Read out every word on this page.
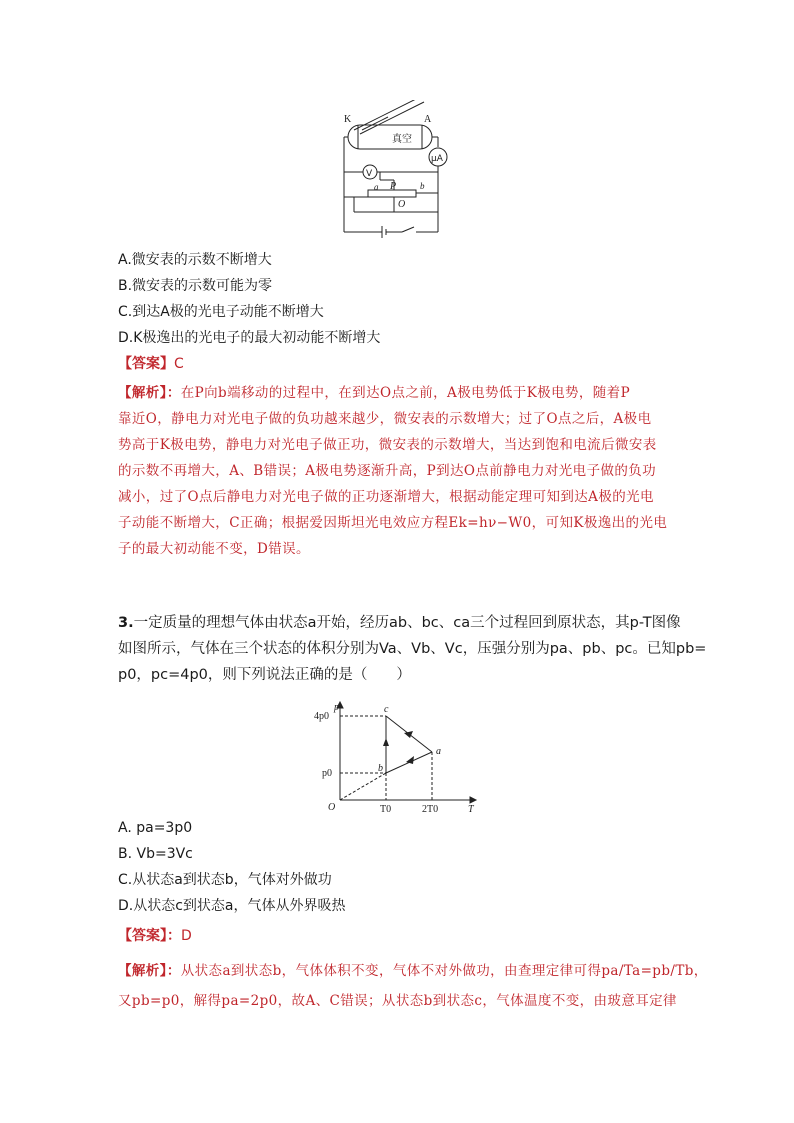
K	A
真空
μA
V
a P	b
O
A.微安表的示数不断增大
B.微安表的示数可能为零
C.到达A极的光电子动能不断增大
D.K极逸出的光电子的最大初动能不断增大
【答案】C
【解析】：在P向b端移动的过程中，在到达O点之前，A极电势低于K极电势，随着P
靠近O，静电力对光电子做的负功越来越少，微安表的示数增大；过了O点之后，A极电
势高于K极电势，静电力对光电子做正功，微安表的示数增大，当达到饱和电流后微安表
的示数不再增大，A、B错误；A极电势逐渐升高，P到达O点前静电力对光电子做的负功
减小，过了O点后静电力对光电子做的正功逐渐增大，根据动能定理可知到达A极的光电
子动能不断增大，C正确；根据爱因斯坦光电效应方程Ek=hν−W0，可知K极逸出的光电
子的最大初动能不变，D错误。
3.一定质量的理想气体由状态a开始，经历ab、bc、ca三个过程回到原状态，其p-T图像
如图所示，气体在三个状态的体积分别为Va、Vb、Vc，压强分别为pa、pb、pc。已知pb=
p0，pc=4p0，则下列说法正确的是（　　）
p
T
O
4p0
p0
T0	2T0
a
b
c
A. pa=3p0
B. Vb=3Vc
C.从状态a到状态b，气体对外做功
D.从状态c到状态a，气体从外界吸热
【答案】：D
【解析】：从状态a到状态b，气体体积不变，气体不对外做功，由查理定律可得pa/Ta=pb/Tb，
又pb=p0，解得pa=2p0，故A、C错误；从状态b到状态c，气体温度不变，由玻意耳定律
